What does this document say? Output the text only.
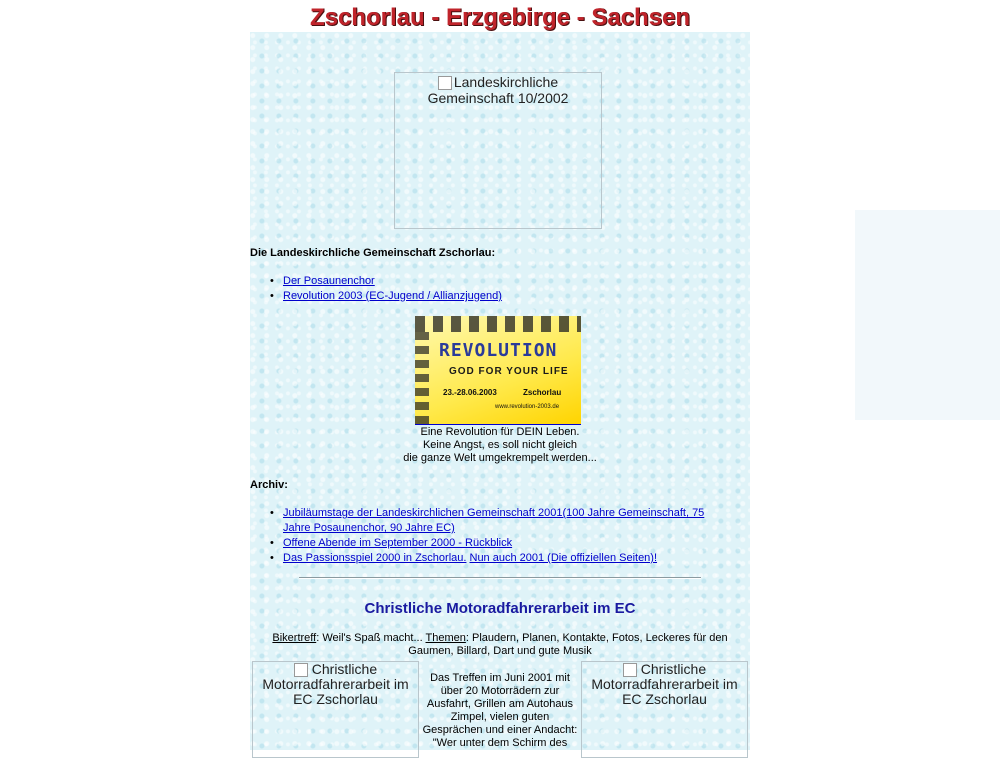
Zschorlau - Erzgebirge - Sachsen
Landeskirchliche Gemeinschaft 10/2002
Die Landeskirchliche Gemeinschaft Zschorlau:
• Der Posaunenchor
• Revolution 2003 (EC-Jugend / Allianzjugend)
REVOLUTION
GOD FOR YOUR LIFE
23.-28.06.2003	Zschorlau
www.revolution-2003.de
Eine Revolution für DEIN Leben.
Keine Angst, es soll nicht gleich
die ganze Welt umgekrempelt werden...
Archiv:
• Jubiläumstage der Landeskirchlichen Gemeinschaft 2001(100 Jahre Gemeinschaft, 75 Jahre Posaunenchor, 90 Jahre EC)
• Offene Abende im September 2000 - Rückblick
• Das Passionsspiel 2000 in Zschorlau. Nun auch 2001 (Die offiziellen Seiten)!
Christliche Motoradfahrerarbeit im EC
Bikertreff: Weil's Spaß macht... Themen: Plaudern, Planen, Kontakte, Fotos, Leckeres für den Gaumen, Billard, Dart und gute Musik
Christliche Motorradfahrerarbeit im EC Zschorlau
Das Treffen im Juni 2001 mit über 20 Motorrädern zur Ausfahrt, Grillen am Autohaus Zimpel, vielen guten Gesprächen und einer Andacht: "Wer unter dem Schirm des
Christliche Motorradfahrerarbeit im EC Zschorlau
